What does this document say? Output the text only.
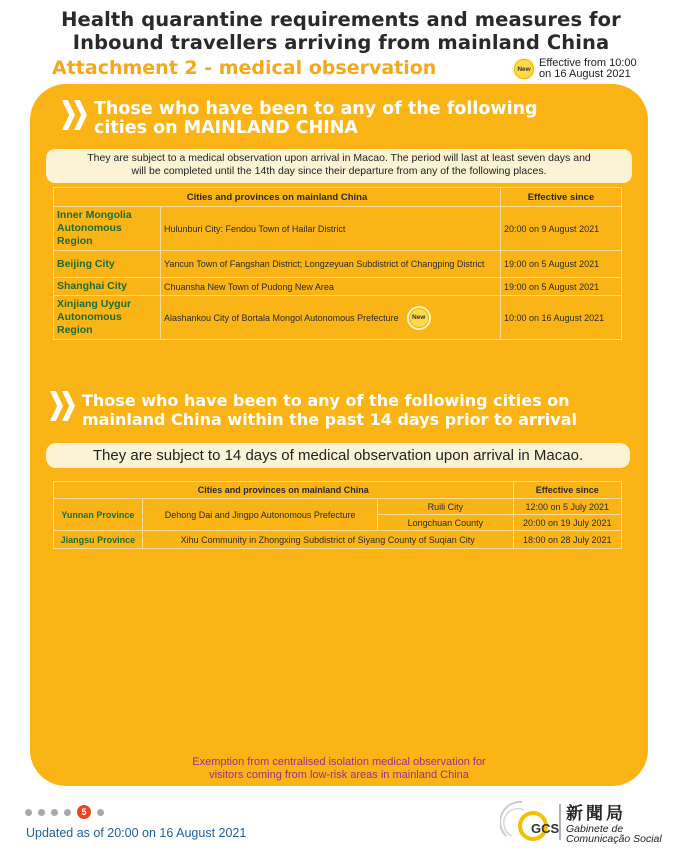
Health quarantine requirements and measures for
Inbound travellers arriving from mainland China
Attachment 2 - medical observation	New Effective from 10:00
on 16 August 2021
Those who have been to any of the following
cities on MAINLAND CHINA
They are subject to a medical observation upon arrival in Macao. The period will last at least seven days and
will be completed until the 14th day since their departure from any of the following places.
Cities and provinces on mainland China		Effective since
Inner Mongolia Autonomous Region	Hulunburi City: Fendou Town of Hailar District	20:00 on 9 August 2021
Beijing City	Yancun Town of Fangshan District; Longzeyuan Subdistrict of Changping District	19:00 on 5 August 2021
Shanghai City	Chuansha New Town of Pudong New Area	19:00 on 5 August 2021
Xinjiang Uygur Autonomous Region	Alashankou City of Bortala Mongol Autonomous Prefecture New	10:00 on 16 August 2021
Those who have been to any of the following cities on
mainland China within the past 14 days prior to arrival
They are subject to 14 days of medical observation upon arrival in Macao.
Cities and provinces on mainland China			Effective since
Yunnan Province	Dehong Dai and Jingpo Autonomous Prefecture	Ruili City	12:00 on 5 July 2021
		Longchuan County	20:00 on 19 July 2021
Jiangsu Province	Xihu Community in Zhongxing Subdistrict of Siyang County of Suqian City		18:00 on 28 July 2021
Exemption from centralised isolation medical observation for
visitors coming from low-risk areas in mainland China
5
Updated as of 20:00 on 16 August 2021	GCS
新聞局
Gabinete de
Comunicação Social
